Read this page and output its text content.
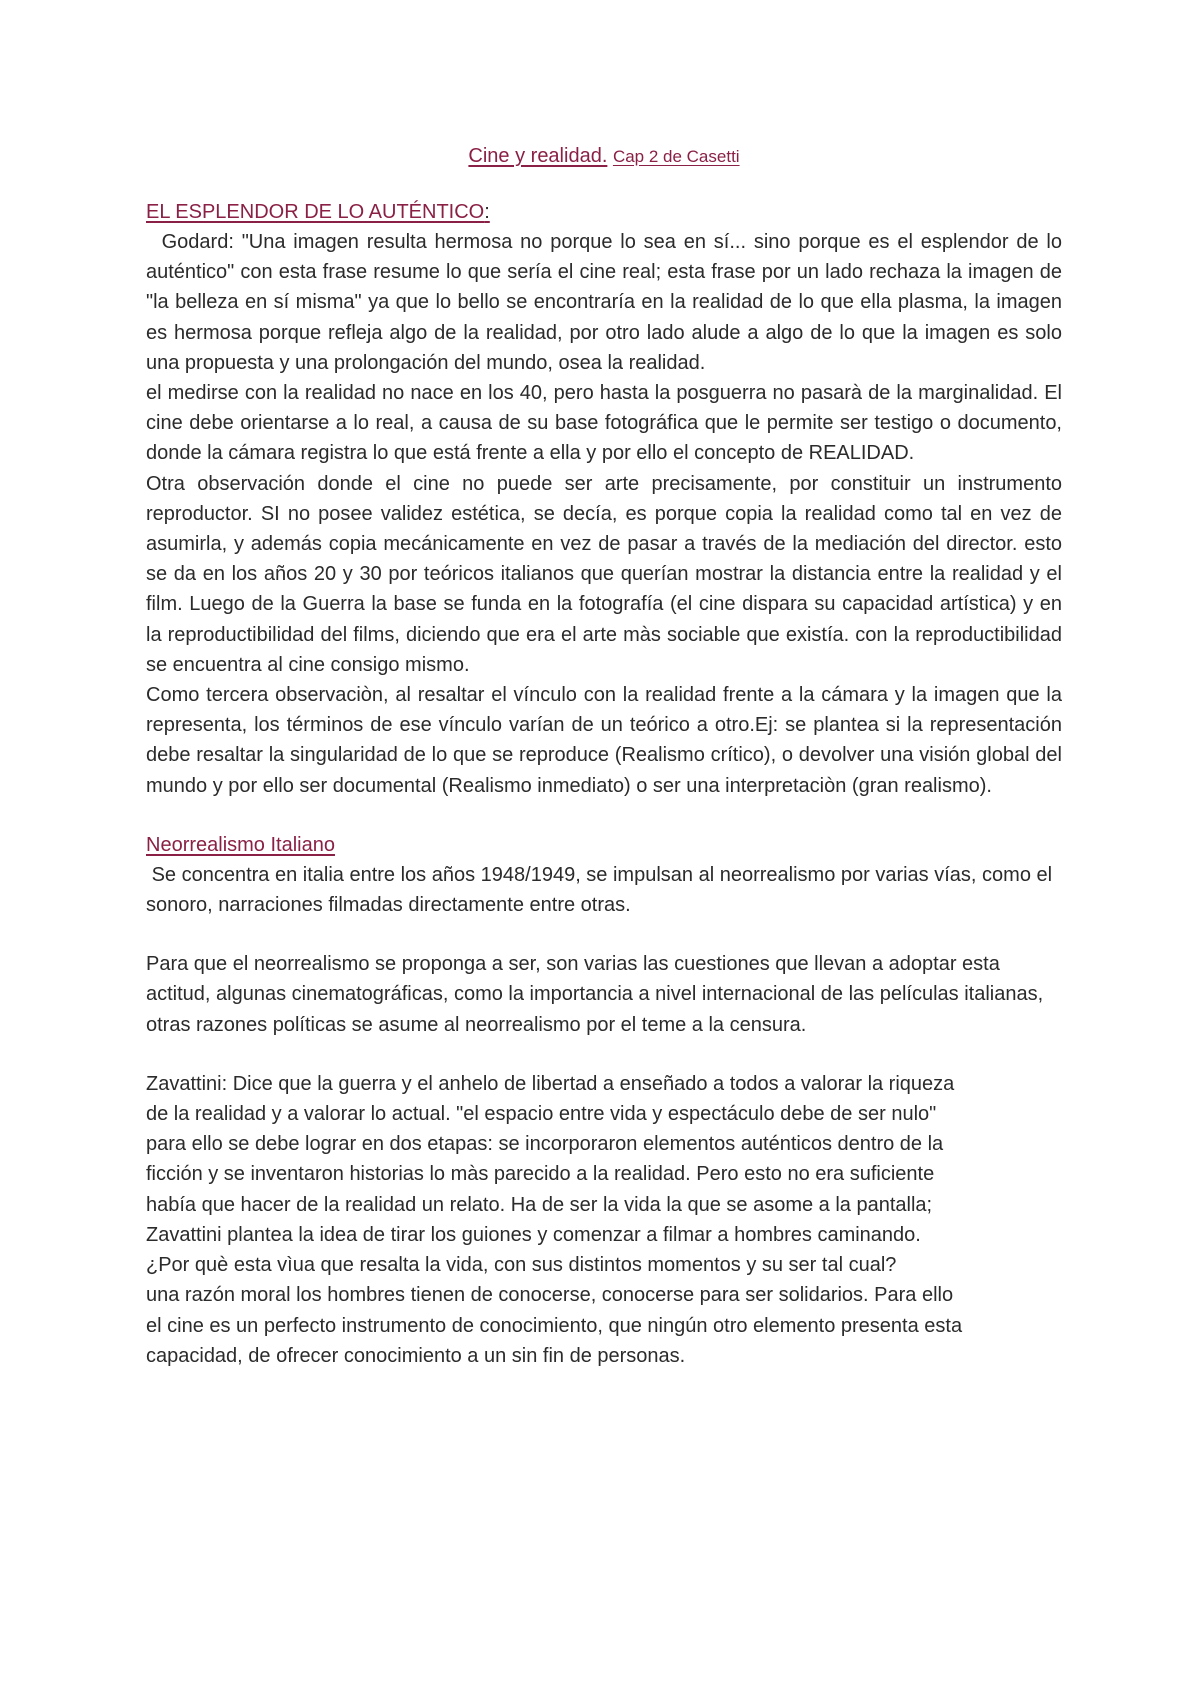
Cine y realidad. Cap 2 de Casetti
EL ESPLENDOR DE LO AUTÉNTICO:

Godard: "Una imagen resulta hermosa no porque lo sea en sí... sino porque es el esplendor de lo auténtico" con esta frase resume lo que sería el cine real; esta frase por un lado rechaza la imagen de "la belleza en sí misma" ya que lo bello se encontraría en la realidad de lo que ella plasma, la imagen es hermosa porque refleja algo de la realidad, por otro lado alude a algo de lo que la imagen es solo una propuesta y una prolongación del mundo, osea la realidad.

el medirse con la realidad no nace en los 40, pero hasta la posguerra no pasarà de la marginalidad. El cine debe orientarse a lo real, a causa de su base fotográfica que le permite ser testigo o documento, donde la cámara registra lo que está frente a ella y por ello el concepto de REALIDAD.

Otra observación donde el cine no puede ser arte precisamente, por constituir un instrumento reproductor. SI no posee validez estética, se decía, es porque copia la realidad como tal en vez de asumirla, y además copia mecánicamente en vez de pasar a través de la mediación del director. esto se da en los años 20 y 30 por teóricos italianos que querían mostrar la distancia entre la realidad y el film. Luego de la Guerra la base se funda en la fotografía (el cine dispara su capacidad artística) y en la reproductibilidad del films, diciendo que era el arte màs sociable que existía. con la reproductibilidad se encuentra al cine consigo mismo.

Como tercera observaciòn, al resaltar el vínculo con la realidad frente a la cámara y la imagen que la representa, los términos de ese vínculo varían de un teórico a otro.Ej: se plantea si la representación debe resaltar la singularidad de lo que se reproduce (Realismo crítico), o devolver una visión global del mundo y por ello ser documental (Realismo inmediato) o ser una interpretaciòn (gran realismo).

Neorrealismo Italiano

Se concentra en italia entre los años 1948/1949, se impulsan al neorrealismo por varias vías, como el sonoro, narraciones filmadas directamente entre otras.

Para que el neorrealismo se proponga a ser, son varias las cuestiones que llevan a adoptar esta actitud, algunas cinematográficas, como la importancia a nivel internacional de las películas italianas, otras razones políticas se asume al neorrealismo por el teme a la censura.

Zavattini: Dice que la guerra y el anhelo de libertad a enseñado a todos a valorar la riqueza

de la realidad y a valorar lo actual. "el espacio entre vida y espectáculo debe de ser nulo"

para ello se debe lograr en dos etapas: se incorporaron elementos auténticos dentro de la

ficción y se inventaron historias lo màs parecido a la realidad. Pero esto no era suficiente

había que hacer de la realidad un relato. Ha de ser la vida la que se asome a la pantalla;

Zavattini plantea la idea de tirar los guiones y comenzar a filmar a hombres caminando.

¿Por què esta vìua que resalta la vida, con sus distintos momentos y su ser tal cual?

una razón moral los hombres tienen de conocerse, conocerse para ser solidarios. Para ello

el cine es un perfecto instrumento de conocimiento, que ningún otro elemento presenta esta

capacidad, de ofrecer conocimiento a un sin fin de personas.
